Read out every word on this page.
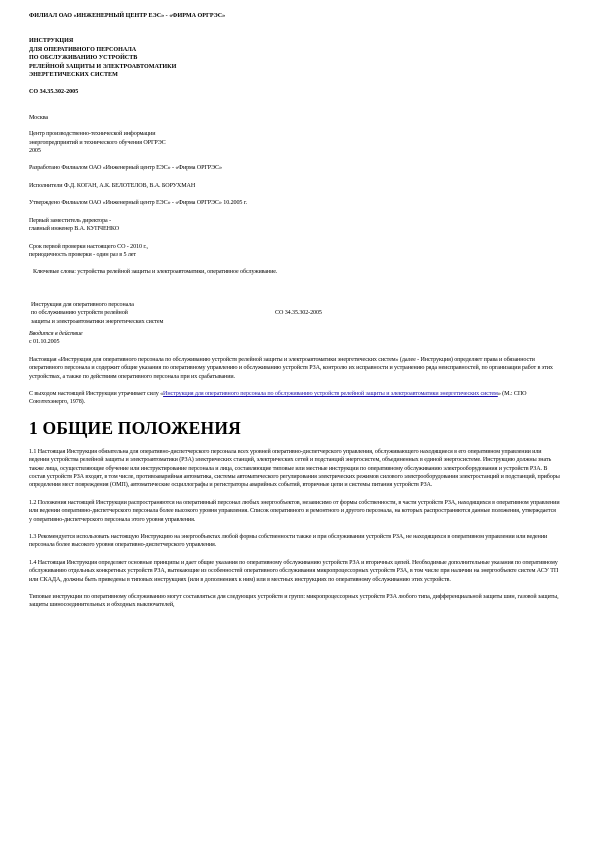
ФИЛИАЛ ОАО «ИНЖЕНЕРНЫЙ ЦЕНТР ЕЭС» - «ФИРМА ОРГРЭС»

ИНСТРУКЦИЯ

ДЛЯ ОПЕРАТИВНОГО ПЕРСОНАЛА

ПО ОБСЛУЖИВАНИЮ УСТРОЙСТВ

РЕЛЕЙНОЙ ЗАЩИТЫ И ЭЛЕКТРОАВТОМАТИКИ

ЭНЕРГЕТИЧЕСКИХ СИСТЕМ

СО 34.35.302-2005

Москва

Центр производственно-технической информации

энергопредприятий и технического обучения ОРГРЭС

2005

Разработано Филиалом ОАО «Инженерный центр ЕЭС» - «Фирма ОРГРЭС»

Исполнители Ф.Д. КОГАН, А.К. БЕЛОТЕЛОВ, В.А. БОРУХМАН

Утверждено Филиалом ОАО «Инженерный центр ЕЭС» - «Фирма ОРГРЭС» 10.2005 г.

Первый заместитель директора -

главный инженер В.А. КУПЧЕНКО

Срок первой проверки настоящего СО - 2010 г.,

периодичность проверки - один раз в 5 лет

Ключевые слова: устройства релейной защиты и электроавтоматики, оперативное обслуживание.

Инструкция для оперативного персонала

по обслуживанию устройств релейной

защиты и электроавтоматики энергетических систем

СО 34.35.302-2005

Вводится в действие

с 01.10.2005

Настоящая «Инструкция для оперативного персонала по обслуживанию устройств релейной защиты и электроавтоматики энергетических систем» (далее - Инструкция) определяет права и обязанности оперативного персонала и содержит общие указания по оперативному управлению и обслуживанию устройств РЗА, контролю их исправности и устранению ряда неисправностей, по организации работ в этих устройствах, а также по действиям оперативного персонала при их срабатывании.

С выходом настоящей Инструкции утрачивает силу «Инструкция для оперативного персонала по обслуживанию устройств релейной защиты и электроавтоматики энергетических систем» (М.: СПО Союзтехэнерго, 1978).

1 ОБЩИЕ ПОЛОЖЕНИЯ

1.1 Настоящая Инструкция обязательна для оперативно-диспетчерского персонала всех уровней оперативно-диспетчерского управления, обслуживающего находящиеся в его оперативном управлении или ведении устройства релейной защиты и электроавтоматики (РЗА) электрических станций, электрических сетей и подстанций энергосистем, объединенных в единой энергосистеме. Инструкцию должны знать также лица, осуществляющие обучение или инструктирование персонала и лица, составляющие типовые или местные инструкции по оперативному обслуживанию электрооборудования и устройств РЗА. В состав устройств РЗА входят, в том числе, противоаварийная автоматика, системы автоматического регулирования электрических режимов силового электрооборудования электростанций и подстанций, приборы определения мест повреждения (ОМП), автоматические осциллографы и регистраторы аварийных событий, вторичные цепи и системы питания устройств РЗА.

1.2 Положения настоящей Инструкции распространяются на оперативный персонал любых энергообъектов, независимо от формы собственности, в части устройств РЗА, находящихся в оперативном управлении или ведении оперативно-диспетчерского персонала более высокого уровня управления. Список оперативного и ремонтного и другого персонала, на которых распространяются данные положения, утверждается у оперативно-диспетчерского персонала этого уровня управления.

1.3 Рекомендуется использовать настоящую Инструкцию на энергообъектах любой формы собственности также и при обслуживании устройств РЗА, не находящихся в оперативном управлении или ведении персонала более высокого уровня оперативно-диспетчерского управления.

1.4 Настоящая Инструкция определяет основные принципы и дает общие указания по оперативному обслуживанию устройств РЗА и вторичных цепей. Необходимые дополнительные указания по оперативному обслуживанию отдельных конкретных устройств РЗА, вытекающие из особенностей оперативного обслуживания микропроцессорных устройств РЗА, в том числе при наличии на энергообъекте систем АСУ ТП или СКАДА, должны быть приведены в типовых инструкциях (или в дополнениях к ним) или в местных инструкциях по оперативному обслуживанию этих устройств.

Типовые инструкции по оперативному обслуживанию могут составляться для следующих устройств и групп: микропроцессорных устройств РЗА любого типа, дифференциальной защиты шин, газовой защиты, защиты шиносоединительных и обходных выключателей,
